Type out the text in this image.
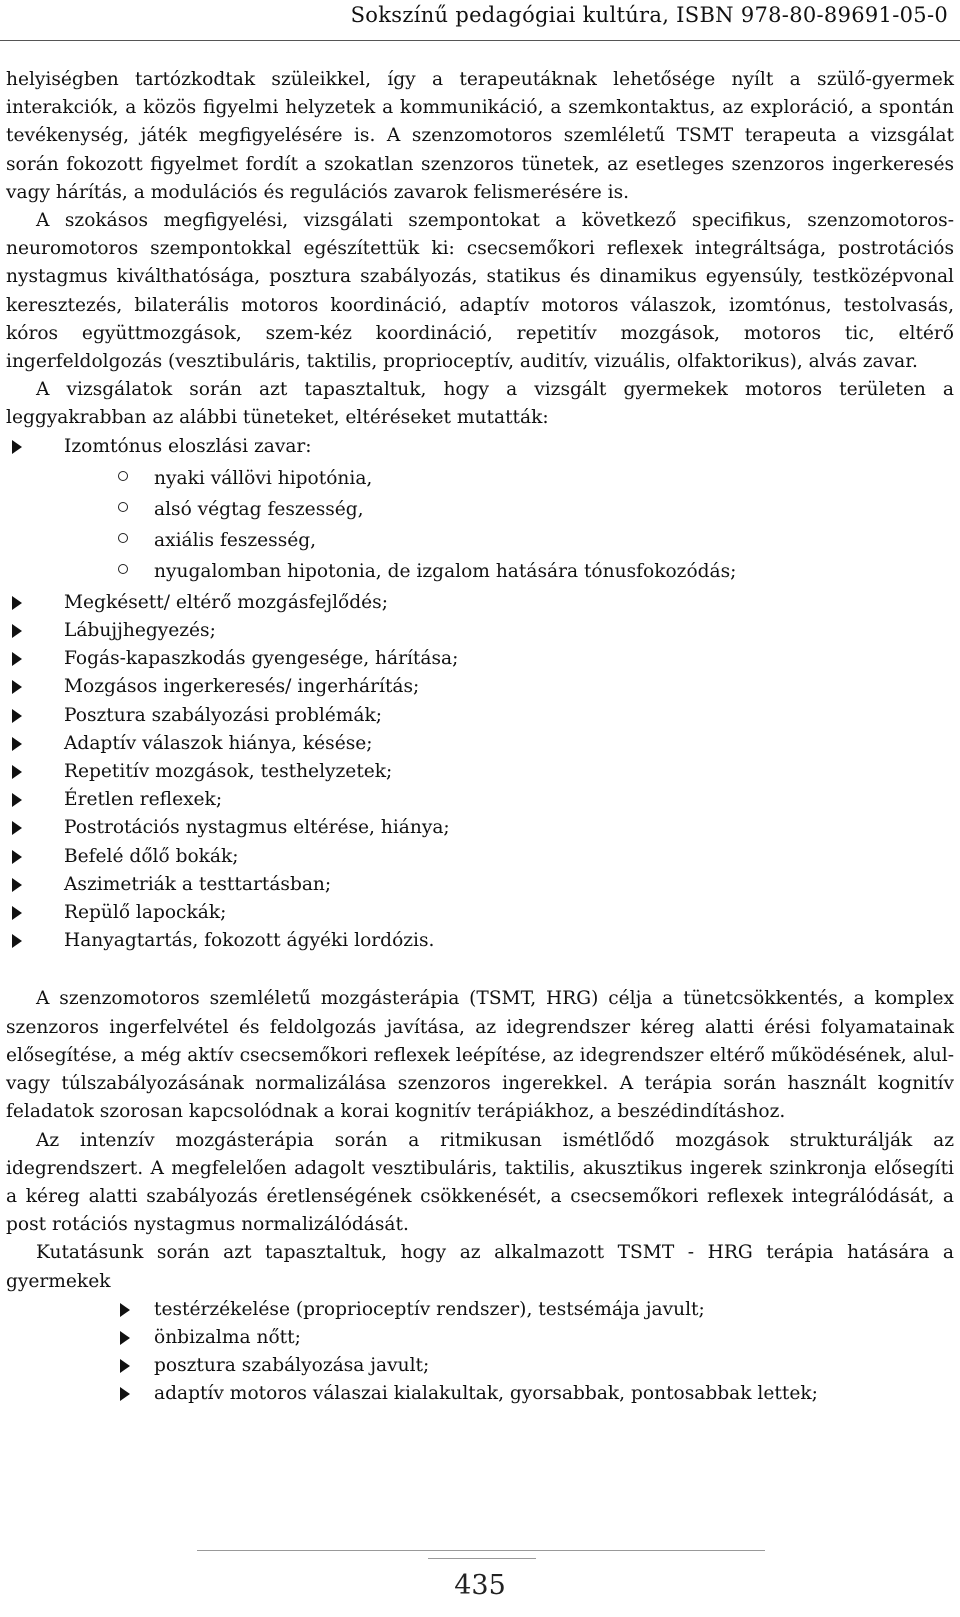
Sokszínű pedagógiai kultúra, ISBN 978-80-89691-05-0

helyiségben tartózkodtak szüleikkel, így a terapeutáknak lehetősége nyílt a szülő-gyermek interakciók, a közös figyelmi helyzetek a kommunikáció, a szemkontaktus, az exploráció, a spontán tevékenység, játék megfigyelésére is. A szenzomotoros szemléletű TSMT terapeuta a vizsgálat során fokozott figyelmet fordít a szokatlan szenzoros tünetek, az esetleges szenzoros ingerkeresés vagy hárítás, a modulációs és regulációs zavarok felismerésére is.

A szokásos megfigyelési, vizsgálati szempontokat a következő specifikus, szenzomotoros-neuromotoros szempontokkal egészítettük ki: csecsemőkori reflexek integráltsága, postrotációs nystagmus kiválthatósága, posztura szabályozás, statikus és dinamikus egyensúly, testközépvonal keresztezés, bilaterális motoros koordináció, adaptív motoros válaszok, izomtónus, testolvasás, kóros együttmozgások, szem-kéz koordináció, repetitív mozgások, motoros tic, eltérő ingerfeldolgozás (vesztibuláris, taktilis, proprioceptív, auditív, vizuális, olfaktorikus), alvás zavar.

A vizsgálatok során azt tapasztaltuk, hogy a vizsgált gyermekek motoros területen a leggyakrabban az alábbi tüneteket, eltéréseket mutatták:

Izomtónus eloszlási zavar:
nyaki vállövi hipotónia,
alsó végtag feszesség,
axiális feszesség,
nyugalomban hipotonia, de izgalom hatására tónusfokozódás;
Megkésett/ eltérő mozgásfejlődés;
Lábujjhegyezés;
Fogás-kapaszkodás gyengesége, hárítása;
Mozgásos ingerkeresés/ ingerhárítás;
Posztura szabályozási problémák;
Adaptív válaszok hiánya, késése;
Repetitív mozgások, testhelyzetek;
Éretlen reflexek;
Postrotációs nystagmus eltérése, hiánya;
Befelé dőlő bokák;
Aszimetriák a testtartásban;
Repülő lapockák;
Hanyagtartás, fokozott ágyéki lordózis.

A szenzomotoros szemléletű mozgásterápia (TSMT, HRG) célja a tünetcsökkentés, a komplex szenzoros ingerfelvétel és feldolgozás javítása, az idegrendszer kéreg alatti érési folyamatainak elősegítése, a még aktív csecsemőkori reflexek leépítése, az idegrendszer eltérő működésének, alul- vagy túlszabályozásának normalizálása szenzoros ingerekkel. A terápia során használt kognitív feladatok szorosan kapcsolódnak a korai kognitív terápiákhoz, a beszédindításhoz.

Az intenzív mozgásterápia során a ritmikusan ismétlődő mozgások strukturálják az idegrendszert. A megfelelően adagolt vesztibuláris, taktilis, akusztikus ingerek szinkronja elősegíti a kéreg alatti szabályozás éretlenségének csökkenését, a csecsemőkori reflexek integrálódását, a post rotációs nystagmus normalizálódását.

Kutatásunk során azt tapasztaltuk, hogy az alkalmazott TSMT - HRG terápia hatására a gyermekek

testérzékelése (proprioceptív rendszer), testsémája javult;
önbizalma nőtt;
posztura szabályozása javult;
adaptív motoros válaszai kialakultak, gyorsabbak, pontosabbak lettek;
435
